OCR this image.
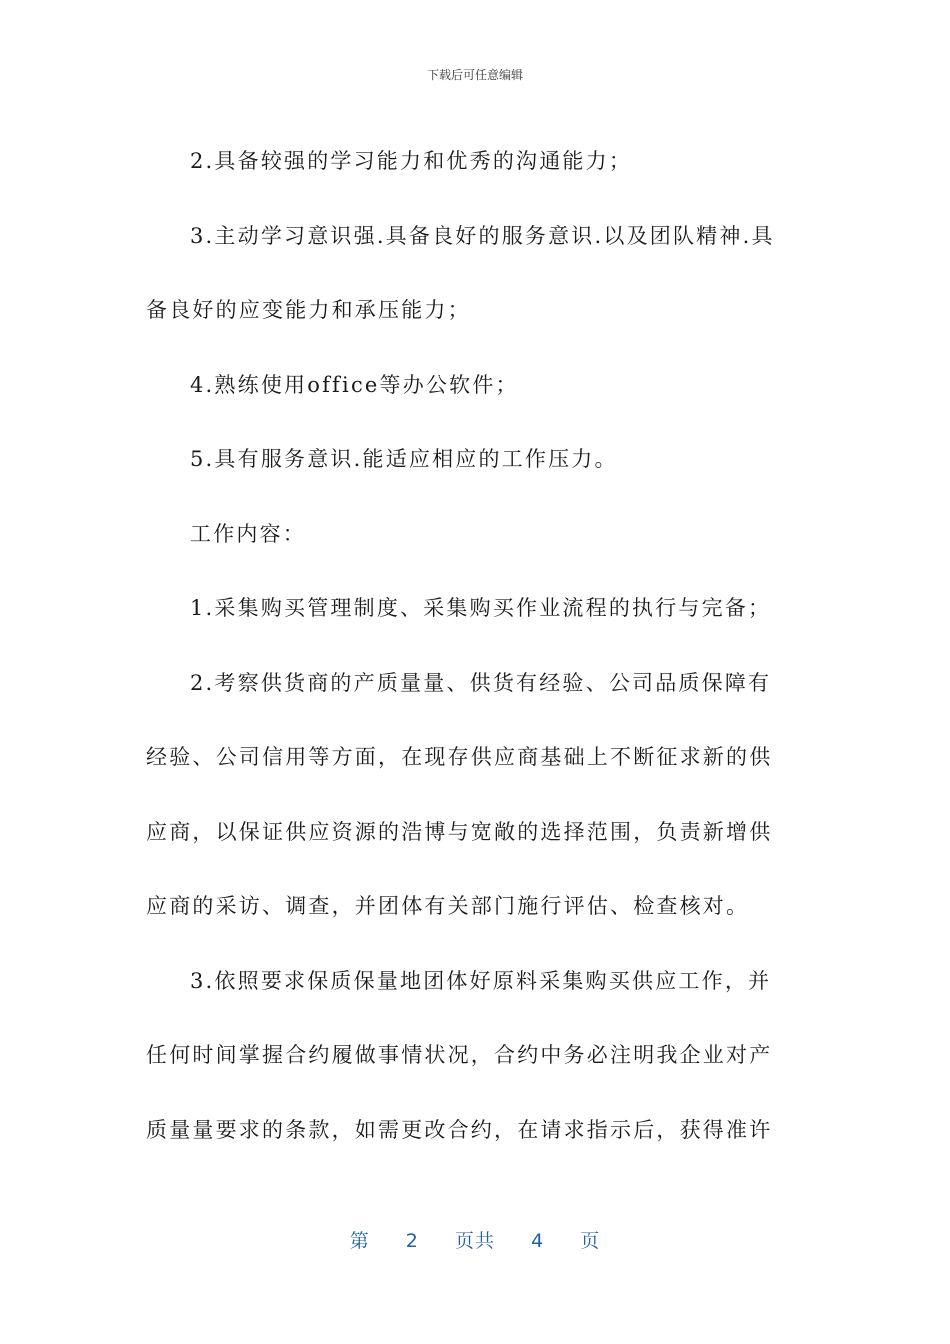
下载后可任意编辑

2.具备较强的学习能力和优秀的沟通能力；

3.主动学习意识强.具备良好的服务意识.以及团队精神.具

备良好的应变能力和承压能力；

4.熟练使用office等办公软件；

5.具有服务意识.能适应相应的工作压力。

工作内容：

1.采集购买管理制度、采集购买作业流程的执行与完备；

2.考察供货商的产质量量、供货有经验、公司品质保障有

经验、公司信用等方面，在现存供应商基础上不断征求新的供

应商，以保证供应资源的浩博与宽敞的选择范围，负责新增供

应商的采访、调查，并团体有关部门施行评估、检查核对。

3.依照要求保质保量地团体好原料采集购买供应工作，并

任何时间掌握合约履做事情状况，合约中务必注明我企业对产

质量量要求的条款，如需更改合约，在请求指示后，获得准许

第 2 页共 4 页
